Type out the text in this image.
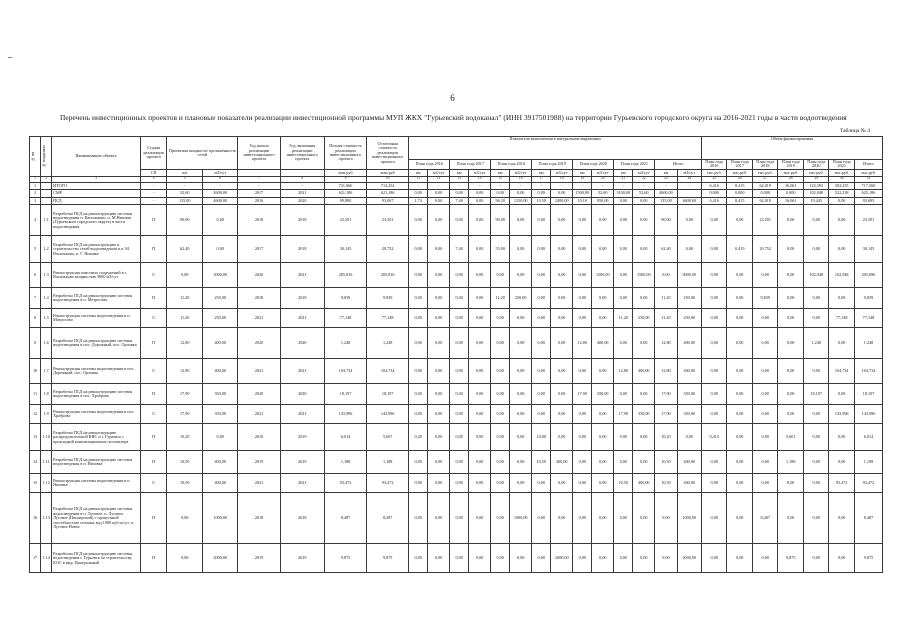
6
Перечень инвестиционных проектов и плановые показатели реализации инвестиционной программы МУП ЖКХ "Гурьевский водоканал" (ИНН 3917501988) на территории Гурьевского городского округа на 2016-2021 годы в части водоотведения
Таблица № 4
№ пп	№ подпункта	Наименование объекта	Стадия реализации проекта	Проектная мощность/ протяжённость сетей		Год начала реализации инвестиционного проекта	Год окончания реализации инвестиционного проекта	Полная стоимость реализации инвестиционного проекта	Остаточная стоимость реализации инвестиционного проекта	Показатели выполнения в натуральном выражении														Объём финансирования						
										План года 2016		План года 2017		План года 2018		План года 2019		План года 2020		План года 2021		Итого		План года 2016	План года 2017	План года 2018	План года 2019	План года 2020	План года 2021	Итого
			СП	км	м3/сут			млн.руб	млн.руб	км	м3/сут	км	м3/сут	км	м3/сут	км	м3/сут	км	м3/сут	км	м3/сут	км	м3/сут	тыс.руб.	тыс.руб.	тыс.руб.	тыс.руб.	тыс.руб.	тыс.руб.	тыс.руб.
1	2	3	4	5	6	7	8	9	10	11	12	13	14	15	16	17	18	19	20	21	22	23	24	25	26	27	28	29	30	31
1		ИТОГО	-	-	-	-	-	721,066	714,254	-	-	-	-	-	-	-	-	-	-	-	-	-	-	6,416	8,415	62,019	16,061	122,393	502,255	717,560
2		СМР	-	52,60	4600,00	2017	2021	621,186	621,186	0,00	0,00	0,00	0,00	0,00	0,00	0,00	0,00	1500,00	52,60	3100,00	52,60	4600,00		0,000	0,000	0,000	0,000	102,948	522,238	625,186
3		ПСД	-	135,00	4600,00	2016	2020	99,880	93,067	1,74	0,00	7,40	0,00	96,20	1250,00	19,50	2400,00	10,10	950,00	0,00	0,00	135,00	4600,00	6,416	8,415	62,019	16,061	19,445	0,00	93,695
4	1.1	Разработка ПСД на реконструкцию системы водоотведения п. Васильково, п. М.Низовье (Гурьевского городского округа) в части водоотведения	П	90,00	0,00	2018	2018	23,501	23,501	0,00	0,00	0,00	0,00	90,00	0,00	0,00	0,00	0,00	0,00	0,00	0,00	90,00	0,00	0,00	0,00	23,501	0,00	0,00	0,00	23,501
5	1.2	Разработка ПСД на реконструкцию и строительство сетей водоотведения в п. М. Васильково, п. Г. Низовье	П	62,40	0,00	2017	2018	30,145	29,752	0,00	0,00	7,40	0,00	55,00	0,00	0,00	0,00	0,00	0,00	0,00	0,00	62,40	0,00	0,00	0,419	29,752	0,00	0,00	0,00	30,145
6	1.3	Реконструкция очистных сооружений в г. Васильково мощностью 3000 м3/сут	С	0,00	3000,00	2020	2021	205,816	205,816	0,00	0,00	0,00	0,00	0,00	0,00	0,00	0,00	0,00	1500,00	0,00	1500,00	0,00	3000,00	0,00	0,00	0,00	0,00	102,948	102,948	205,896
7	1.4	Разработка ПСД на реконструкцию системы водоотведения в п. Матросово	П	11,20	250,00	2018	2018	9,839	9,839	0,00	0,00	0,00	0,00	11,20	250,00	0,00	0,00	0,00	0,00	0,00	0,00	11,20	250,00	0,00	0,00	9,839	0,00	0,00	0,00	9,839
8	1.5	Реконструкция системы водоотведения в п. Матросово	С	11,20	250,00	2021	2021	77,148	77,148	0,00	0,00	0,00	0,00	0,00	0,00	0,00	0,00	0,00	0,00	11,20	250,00	11,20	250,00	0,00	0,00	0,00	0,00	0,00	77,148	77,148
9	1.6	Разработка ПСД на реконструкцию системы водоотведения в пос. Дорожный, пос. Орловка	П	12,80	400,00	2020	2020	1,248	1,248	0,00	0,00	0,00	0,00	0,00	0,00	0,00	0,00	12,80	400,00	0,00	0,00	12,80	400,00	0,00	0,00	0,00	0,00	1,248	0,00	1,248
10	1.7	Реконструкция системы водоотведения в пос. Дорожный, пос. Орловка	С	12,80	400,00	2021	2021	104,734	104,734	0,00	0,00	0,00	0,00	0,00	0,00	0,00	0,00	0,00	0,00	12,80	400,00	12,80	400,00	0,00	0,00	0,00	0,00	0,00	104,734	104,734
11	1.8	Разработка ПСД на реконструкцию системы водоотведения в пос. Храброво	П	17,90	350,00	2020	2020	18,197	18,197	0,00	0,00	0,00	0,00	0,00	0,00	0,00	0,00	17,90	350,00	0,00	0,00	17,90	350,00	0,00	0,00	0,00	0,00	18,197	0,00	18,197
12	1.9	Реконструкция системы водоотведения в пос. Храброво	С	17,90	350,00	2021	2021	143,996	143,996	0,00	0,00	0,00	0,00	0,00	0,00	0,00	0,00	0,00	0,00	17,90	350,00	17,90	350,00	0,00	0,00	0,00	0,00	0,00	143,996	143,996
13	1.10	Разработка ПСД на реконструкцию распределительной КНС и г. Гурьевск с прокладкой канализационного коллектора	П	10,20	0,00	2016	2019	6,014	5,607	0,20	0,00	0,00	0,00	0,00	0,00	10,00	0,00	0,00	0,00	0,00	0,00	10,20	0,00	0,413	0,00	0,00	5,601	0,00	0,00	6,014
14	1.11	Разработка ПСД на реконструкцию системы водоотведения в п. Низовье	П	10,50	400,00	2019	2019	1,188	1,188	0,00	0,00	0,00	0,00	0,00	0,00	10,50	400,00	0,00	0,00	0,00	0,00	10,50	400,00	0,00	0,00	0,00	1,188	0,00	0,00	1,188
15	1.12	Реконструкция системы водоотведения в п. Низовье	С	10,50	400,00	2021	2021	93,472	93,472	0,00	0,00	0,00	0,00	0,00	0,00	0,00	0,00	0,00	0,00	10,50	400,00	10,50	400,00	0,00	0,00	0,00	0,00	0,00	93,472	93,472
16	1.13	Разработка ПСД на реконструкцию системы водоотведения в п. Луговое, п. Луговое, Луговое (Пионерский) с пропускной способностью сточных вод 1000 куб.м/сут, п. Луговое Новое	П	0,00	1000,00	2018	2018	8,487	8,487	0,00	0,00	0,00	0,00	0,00	1000,00	0,00	0,00	0,00	0,00	0,00	0,00	0,00	1000,00	0,00	0,00	8,487	0,00	0,00	0,00	8,487
17	1.14	Разработка ПСД на реконструкцию системы водоотведения г. Гурьевск по строительству КОС в мкр. Центральный	П	0,00	2000,00	2019	2019	9,875	9,875	0,00	0,00	0,00	0,00	0,00	0,00	0,00	2000,00	0,00	0,00	0,00	0,00	0,00	2000,00	0,00	0,00	0,00	9,875	0,00	0,00	9,875
